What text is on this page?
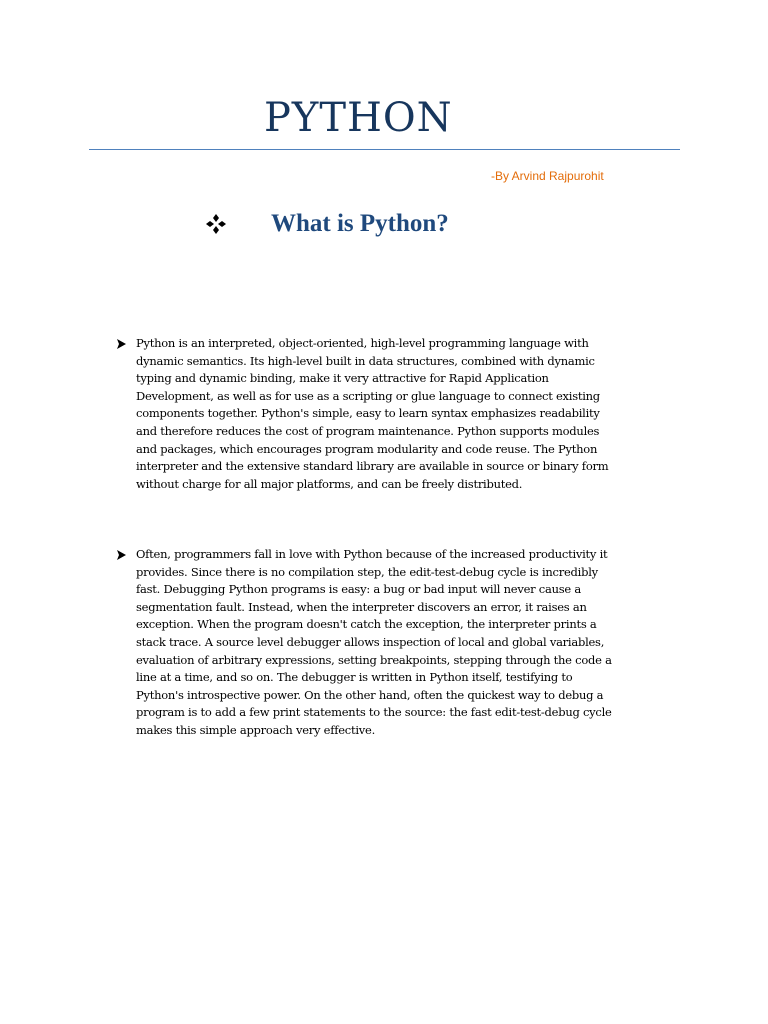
PYTHON
-By Arvind Rajpurohit
What is Python?

Python is an interpreted, object-oriented, high-level programming language with
dynamic semantics. Its high-level built in data structures, combined with dynamic
typing and dynamic binding, make it very attractive for Rapid Application
Development, as well as for use as a scripting or glue language to connect existing
components together. Python's simple, easy to learn syntax emphasizes readability
and therefore reduces the cost of program maintenance. Python supports modules
and packages, which encourages program modularity and code reuse. The Python
interpreter and the extensive standard library are available in source or binary form
without charge for all major platforms, and can be freely distributed.

Often, programmers fall in love with Python because of the increased productivity it
provides. Since there is no compilation step, the edit-test-debug cycle is incredibly
fast. Debugging Python programs is easy: a bug or bad input will never cause a
segmentation fault. Instead, when the interpreter discovers an error, it raises an
exception. When the program doesn't catch the exception, the interpreter prints a
stack trace. A source level debugger allows inspection of local and global variables,
evaluation of arbitrary expressions, setting breakpoints, stepping through the code a
line at a time, and so on. The debugger is written in Python itself, testifying to
Python's introspective power. On the other hand, often the quickest way to debug a
program is to add a few print statements to the source: the fast edit-test-debug cycle
makes this simple approach very effective.
